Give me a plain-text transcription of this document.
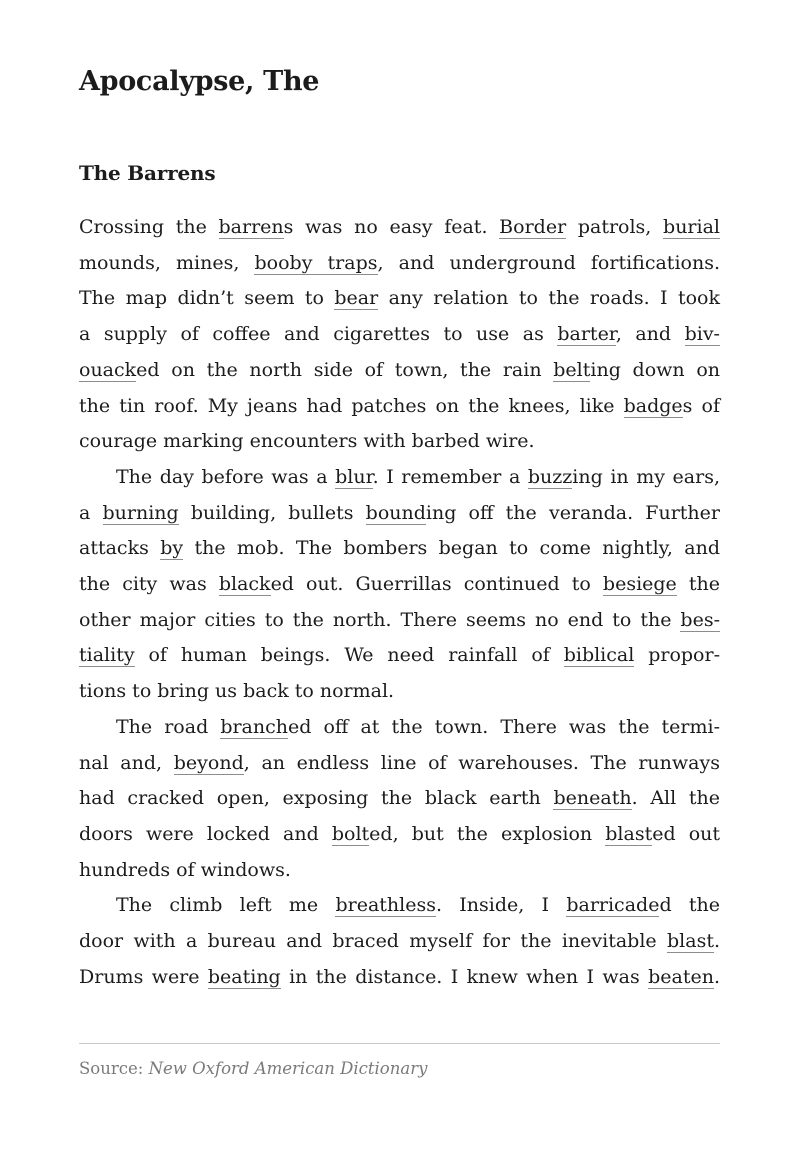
Apocalypse, The
The Barrens
Crossing the barrens was no easy feat. Border patrols, burial
mounds, mines, booby traps, and underground fortifications.
The map didn’t seem to bear any relation to the roads. I took
a supply of coffee and cigarettes to use as barter, and biv-
ouacked on the north side of town, the rain belting down on
the tin roof. My jeans had patches on the knees, like badges of
courage marking encounters with barbed wire.
The day before was a blur. I remember a buzzing in my ears,
a burning building, bullets bounding off the veranda. Further
attacks by the mob. The bombers began to come nightly, and
the city was blacked out. Guerrillas continued to besiege the
other major cities to the north. There seems no end to the bes-
tiality of human beings. We need rainfall of biblical propor-
tions to bring us back to normal.
The road branched off at the town. There was the termi-
nal and, beyond, an endless line of warehouses. The runways
had cracked open, exposing the black earth beneath. All the
doors were locked and bolted, but the explosion blasted out
hundreds of windows.
The climb left me breathless. Inside, I barricaded the
door with a bureau and braced myself for the inevitable blast.
Drums were beating in the distance. I knew when I was beaten.
Source: New Oxford American Dictionary
